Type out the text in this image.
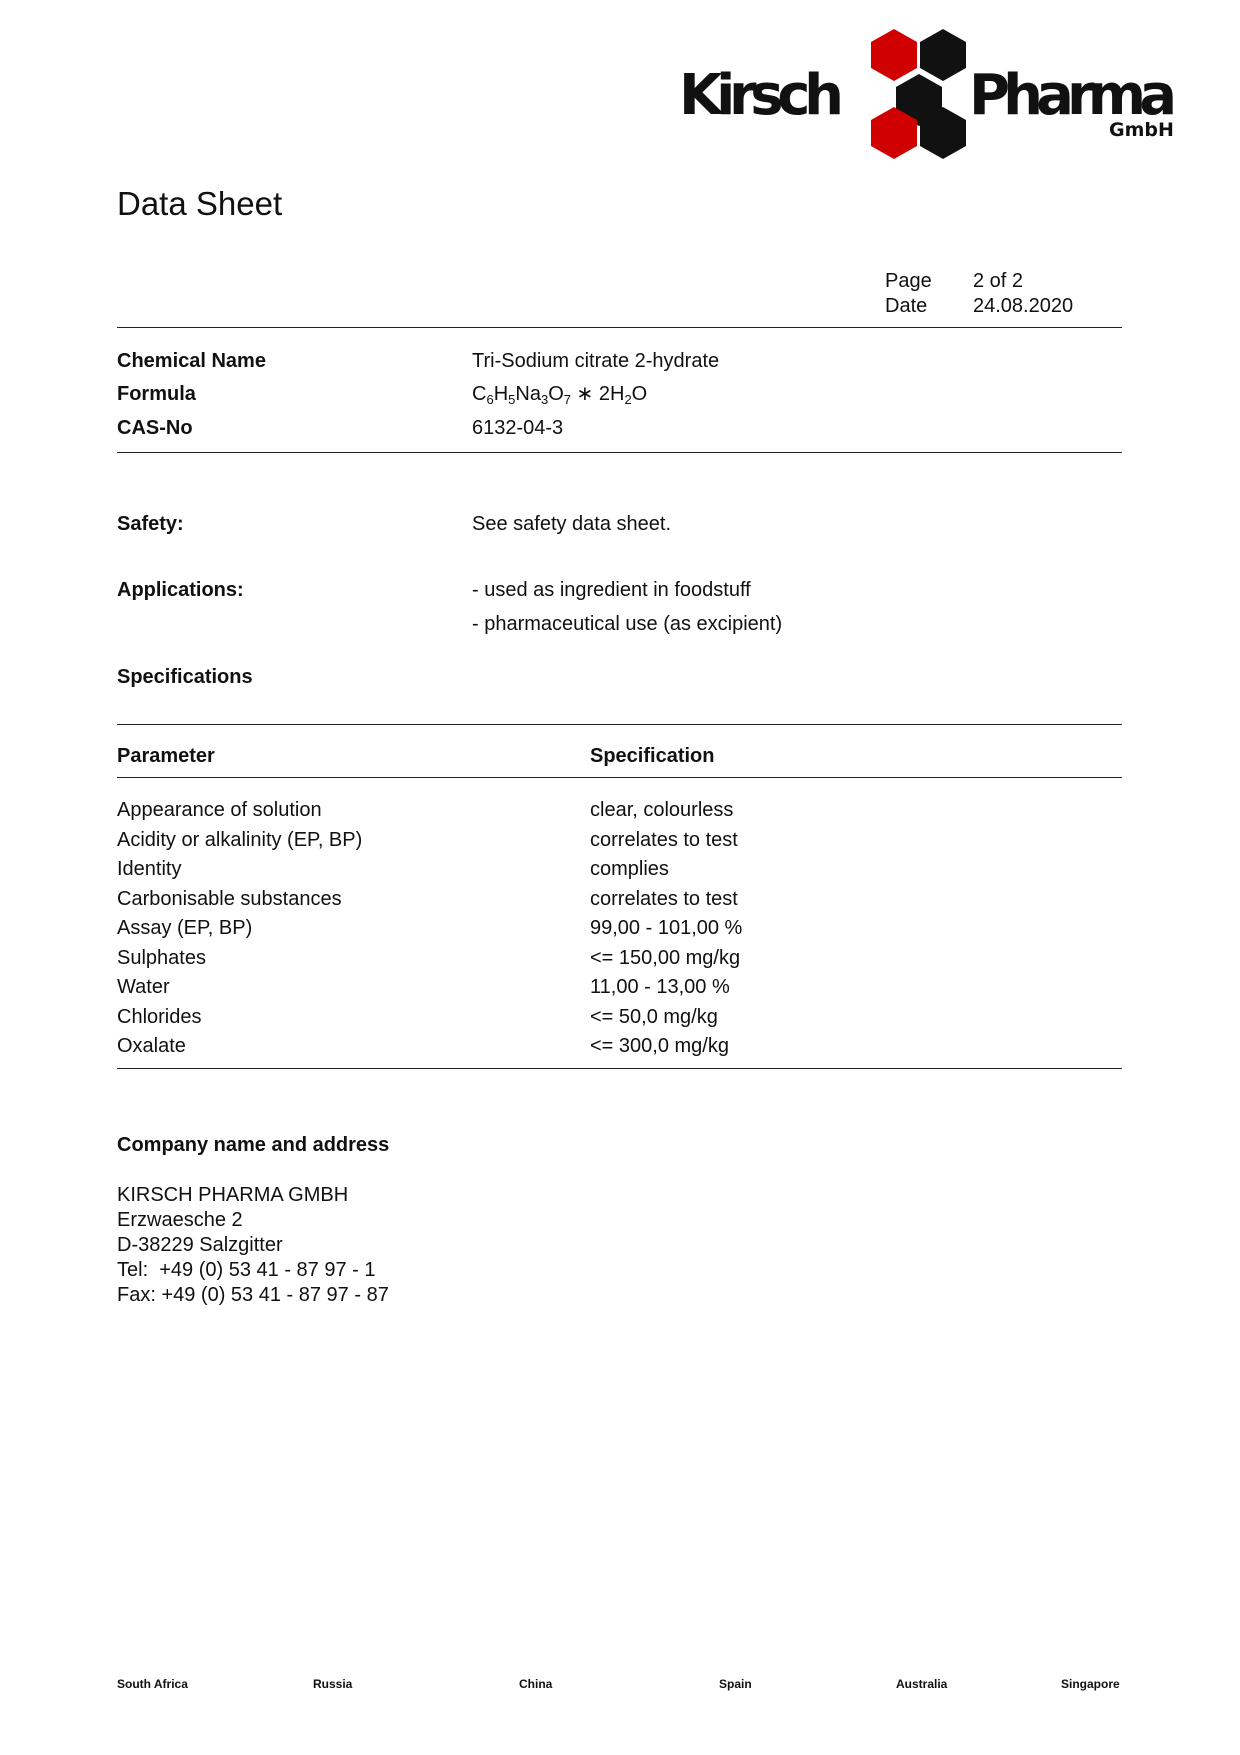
Kirsch Pharma
GmbH
Data Sheet
Page 2 of 2
Date 24.08.2020
Chemical Name	Tri-Sodium citrate 2-hydrate
Formula	$C_6H_5Na_3O_7$ ∗ $2H_2O$
CAS-No	6132-04-3
Safety:	See safety data sheet.
Applications:	- used as ingredient in foodstuff
- pharmaceutical use (as excipient)
Specifications
Parameter	Specification
Appearance of solution	clear, colourless
Acidity or alkalinity (EP, BP)	correlates to test
Identity	complies
Carbonisable substances	correlates to test
Assay (EP, BP)	99,00 - 101,00 %
Sulphates	<= 150,00 mg/kg
Water	11,00 - 13,00 %
Chlorides	<= 50,0 mg/kg
Oxalate	<= 300,0 mg/kg
Company name and address
KIRSCH PHARMA GMBH
Erzwaesche 2
D-38229 Salzgitter
Tel:  +49 (0) 53 41 - 87 97 - 1
Fax: +49 (0) 53 41 - 87 97 - 87
South Africa	Russia	China	Spain	Australia	Singapore
